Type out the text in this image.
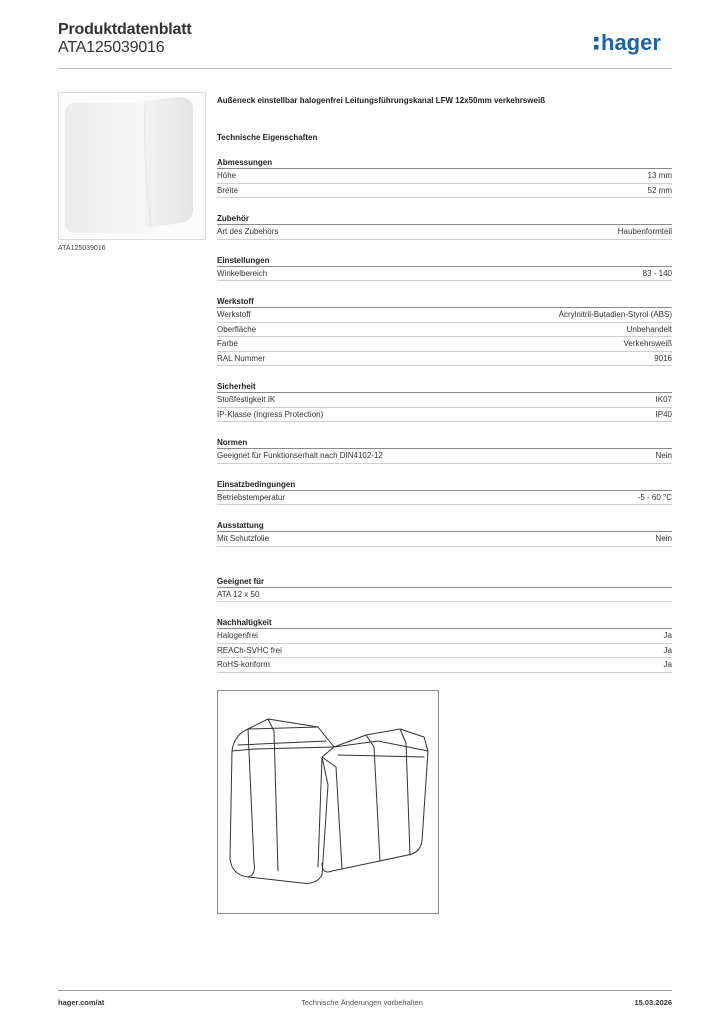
Produktdatenblatt
ATA125039016	hager
ATA125039016
Außeneck einstellbar halogenfrei Leitungsführungskanal LFW 12x50mm verkehrsweiß
Technische Eigenschaften
Abmessungen
Höhe	13 mm
Breite	52 mm
Zubehör
Art des Zubehörs	Haubenformteil
Einstellungen
Winkelbereich	83 - 140
Werkstoff
Werkstoff	Acrylnitril-Butadien-Styrol (ABS)
Oberfläche	Unbehandelt
Farbe	Verkehrsweiß
RAL Nummer	9016
Sicherheit
Stoßfestigkeit IK	IK07
IP-Klasse (Ingress Protection)	IP40
Normen
Geeignet für Funktionserhalt nach DIN4102-12	Nein
Einsatzbedingungen
Betriebstemperatur	-5 - 60 °C
Ausstattung
Mit Schutzfolie	Nein
Geeignet für
ATA 12 x 50
Nachhaltigkeit
Halogenfrei	Ja
REACh-SVHC frei	Ja
RoHS-konform	Ja
hager.com/at	Technische Änderungen vorbehalten	15.03.2026
